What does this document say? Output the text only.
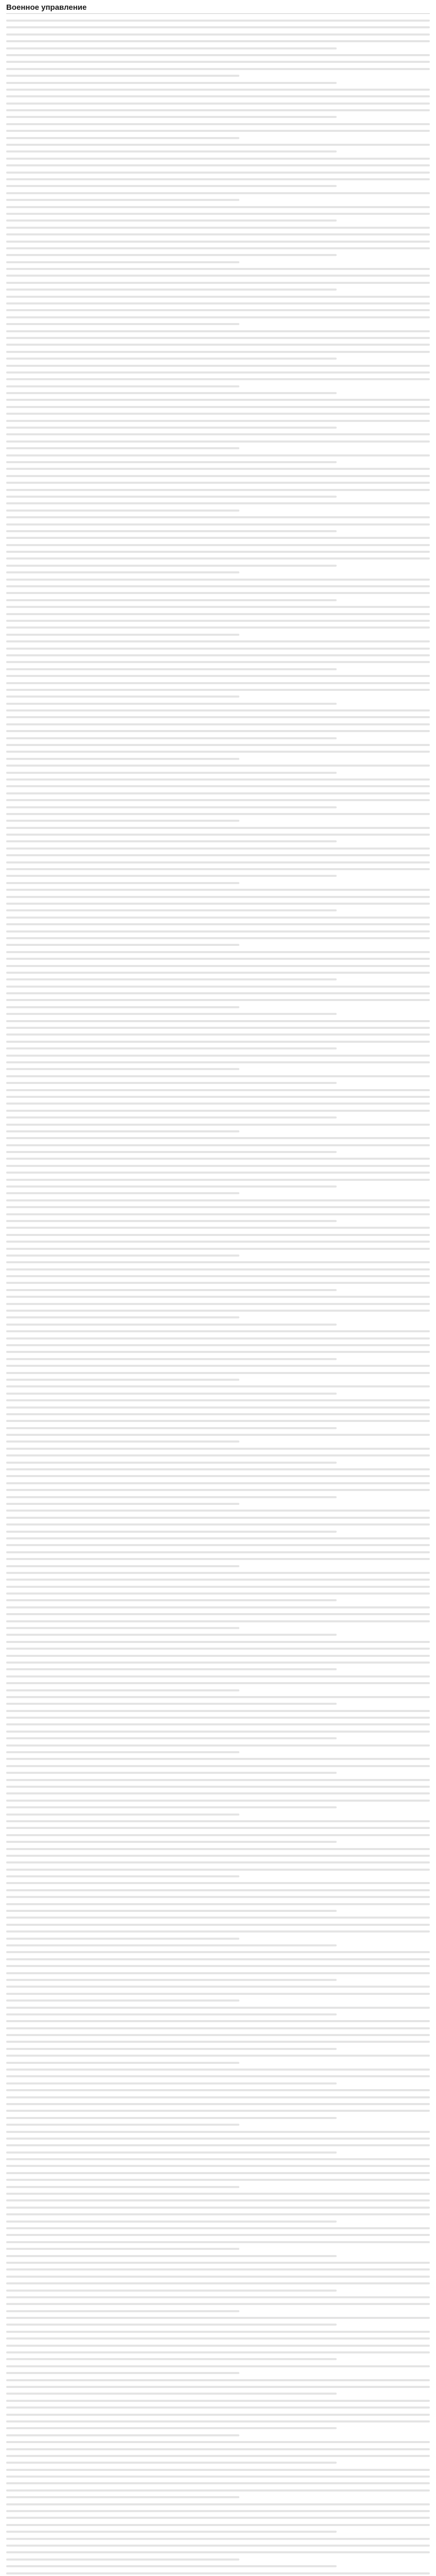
Военное управление
